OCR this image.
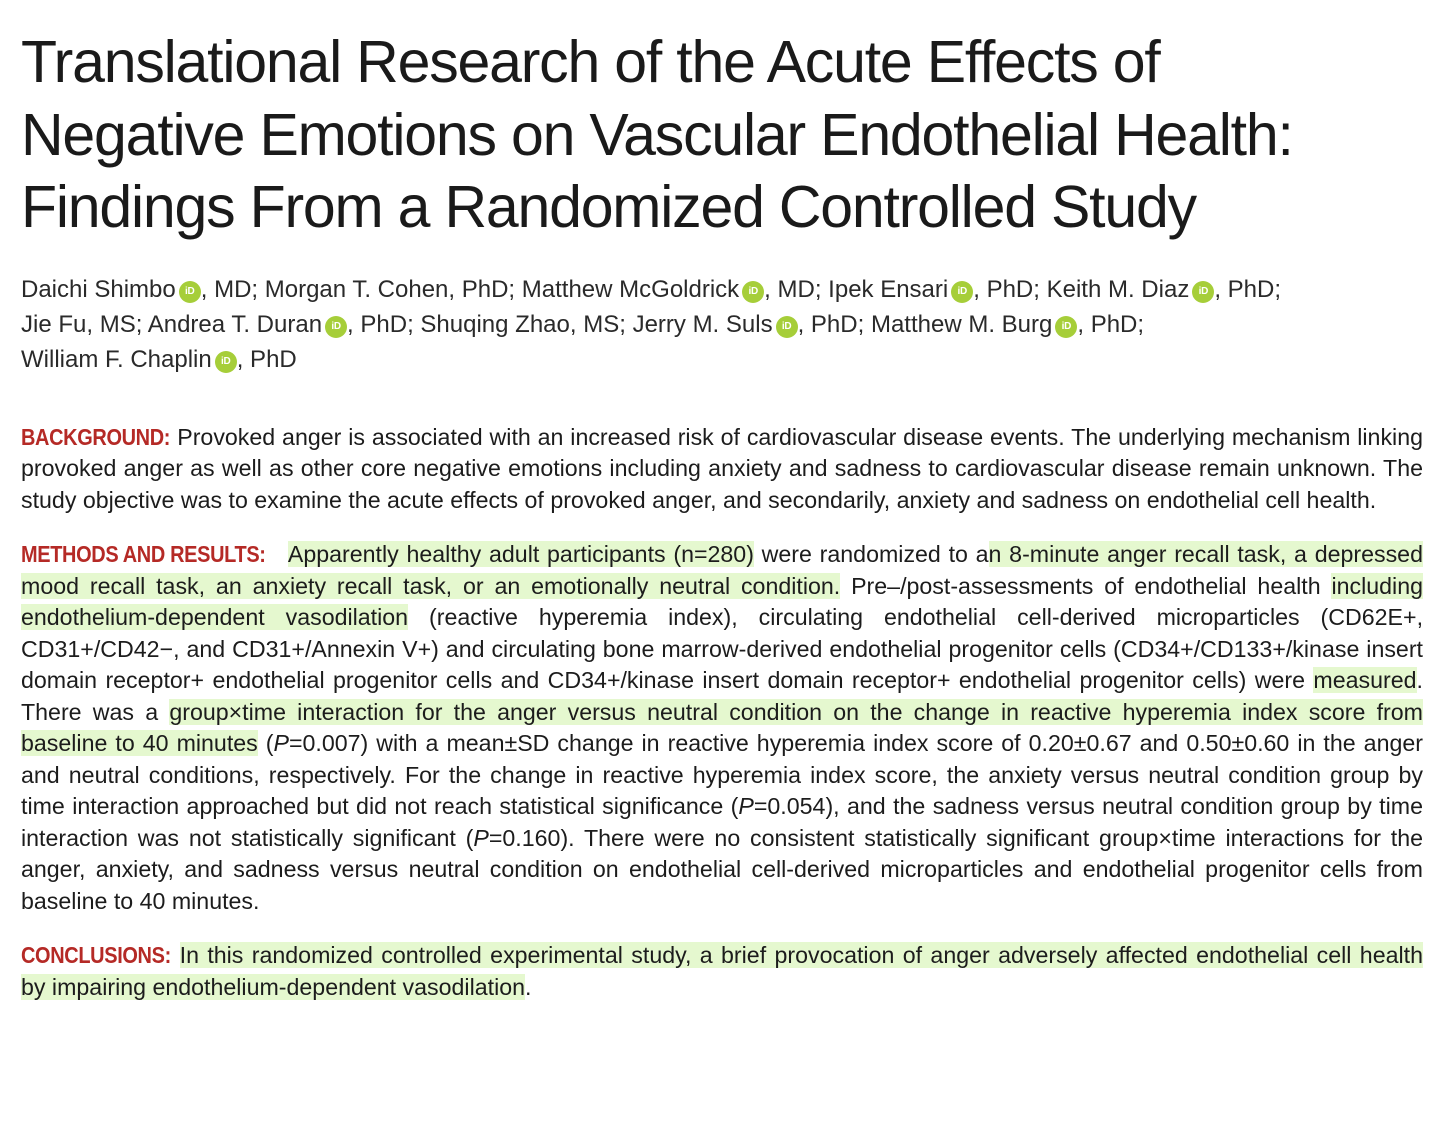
Translational Research of the Acute Effects of Negative Emotions on Vascular Endothelial Health: Findings From a Randomized Controlled Study
Daichi Shimbo iD , MD; Morgan T. Cohen, PhD; Matthew McGoldrick iD , MD; Ipek Ensari iD , PhD; Keith M. Diaz iD , PhD; Jie Fu, MS; Andrea T. Duran iD , PhD; Shuqing Zhao, MS; Jerry M. Suls iD , PhD; Matthew M. Burg iD , PhD; William F. Chaplin iD , PhD

BACKGROUND: Provoked anger is associated with an increased risk of cardiovascular disease events. The underlying mechanism linking provoked anger as well as other core negative emotions including anxiety and sadness to cardiovascular disease remain unknown. The study objective was to examine the acute effects of provoked anger, and secondarily, anxiety and sadness on endothelial cell health.

METHODS AND RESULTS: Apparently healthy adult participants (n=280) were randomized to an 8-minute anger recall task, a depressed mood recall task, an anxiety recall task, or an emotionally neutral condition. Pre–/post-assessments of endothelial health including endothelium-dependent vasodilation (reactive hyperemia index), circulating endothelial cell-derived microparticles (CD62E+, CD31+/CD42−, and CD31+/Annexin V+) and circulating bone marrow-derived endothelial progenitor cells (CD34+/CD133+/kinase insert domain receptor+ endothelial progenitor cells and CD34+/kinase insert domain receptor+ endothelial progenitor cells) were measured. There was a group×time interaction for the anger versus neutral condition on the change in reactive hyperemia index score from baseline to 40 minutes (P=0.007) with a mean±SD change in reactive hyperemia index score of 0.20±0.67 and 0.50±0.60 in the anger and neutral conditions, respectively. For the change in reactive hyperemia index score, the anxiety versus neutral condition group by time interaction approached but did not reach statistical significance (P=0.054), and the sadness versus neutral condition group by time interaction was not statistically significant (P=0.160). There were no consistent statistically significant group×time interactions for the anger, anxiety, and sadness versus neutral condition on endothelial cell-derived microparticles and endothelial progenitor cells from baseline to 40 minutes.

CONCLUSIONS: In this randomized controlled experimental study, a brief provocation of anger adversely affected endothelial cell health by impairing endothelium-dependent vasodilation.
